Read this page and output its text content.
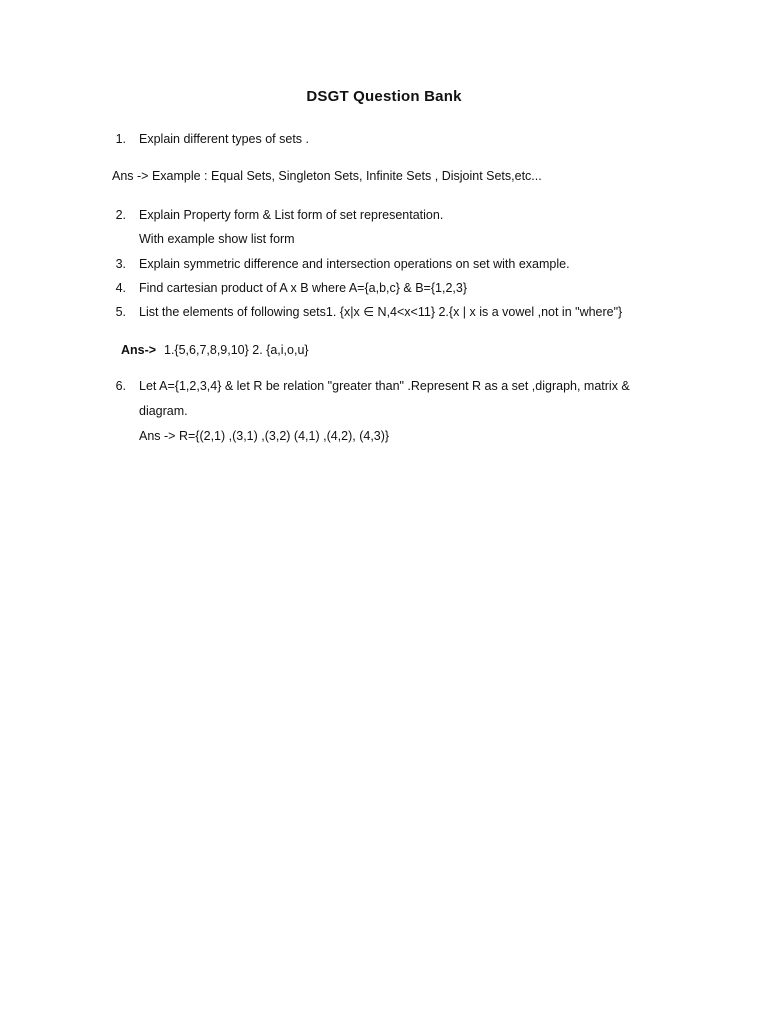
DSGT Question Bank
1. Explain different types of sets .
Ans -> Example : Equal Sets, Singleton Sets, Infinite Sets , Disjoint Sets,etc...
2. Explain Property form & List form of set representation.
With example show list form
3. Explain symmetric difference and intersection operations on set with example.
4. Find cartesian product of A x B where A={a,b,c} & B={1,2,3}
5. List the elements of following sets1. {x|x ∈ N,4<x<11} 2.{x | x is a vowel ,not in "where"}
Ans-> 1.{5,6,7,8,9,10} 2. {a,i,o,u}
6. Let A={1,2,3,4} & let R be relation "greater than" .Represent R as a set ,digraph, matrix &
diagram.
Ans -> R={(2,1) ,(3,1) ,(3,2) (4,1) ,(4,2), (4,3)}
